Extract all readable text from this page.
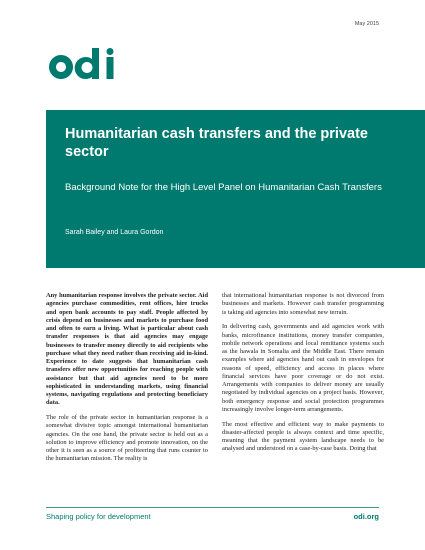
May 2015
Humanitarian cash transfers and the private sector
Background Note for the High Level Panel on Humanitarian Cash Transfers
Sarah Bailey and Laura Gordon

Any humanitarian response involves the private sector. Aid agencies purchase commodities, rent offices, hire trucks and open bank accounts to pay staff. People affected by crisis depend on businesses and markets to purchase food and often to earn a living. What is particular about cash transfer responses is that aid agencies may engage businesses to transfer money directly to aid recipients who purchase what they need rather than receiving aid in-kind. Experience to date suggests that humanitarian cash transfers offer new opportunities for reaching people with assistance but that aid agencies need to be more sophisticated in understanding markets, using financial systems, navigating regulations and protecting beneficiary data.

The role of the private sector in humanitarian response is a somewhat divisive topic amongst international humanitarian agencies. On the one hand, the private sector is held out as a solution to improve efficiency and promote innovation, on the other it is seen as a source of profiteering that runs counter to the humanitarian mission. The reality is

that international humanitarian response is not divorced from businesses and markets. However cash transfer programming is taking aid agencies into somewhat new terrain.

In delivering cash, governments and aid agencies work with banks, microfinance institutions, money transfer companies, mobile network operations and local remittance systems such as the hawala in Somalia and the Middle East. There remain examples where aid agencies hand out cash in envelopes for reasons of speed, efficiency and access in places where financial services have poor coverage or do not exist. Arrangements with companies to deliver money are usually negotiated by individual agencies on a project basis. However, both emergency response and social protection programmes increasingly involve longer-term arrangements.

The most effective and efficient way to make payments to disaster-affected people is always context and time specific, meaning that the payment system landscape needs to be analysed and understood on a case-by-case basis. Doing that

Shaping policy for development	odi.org
